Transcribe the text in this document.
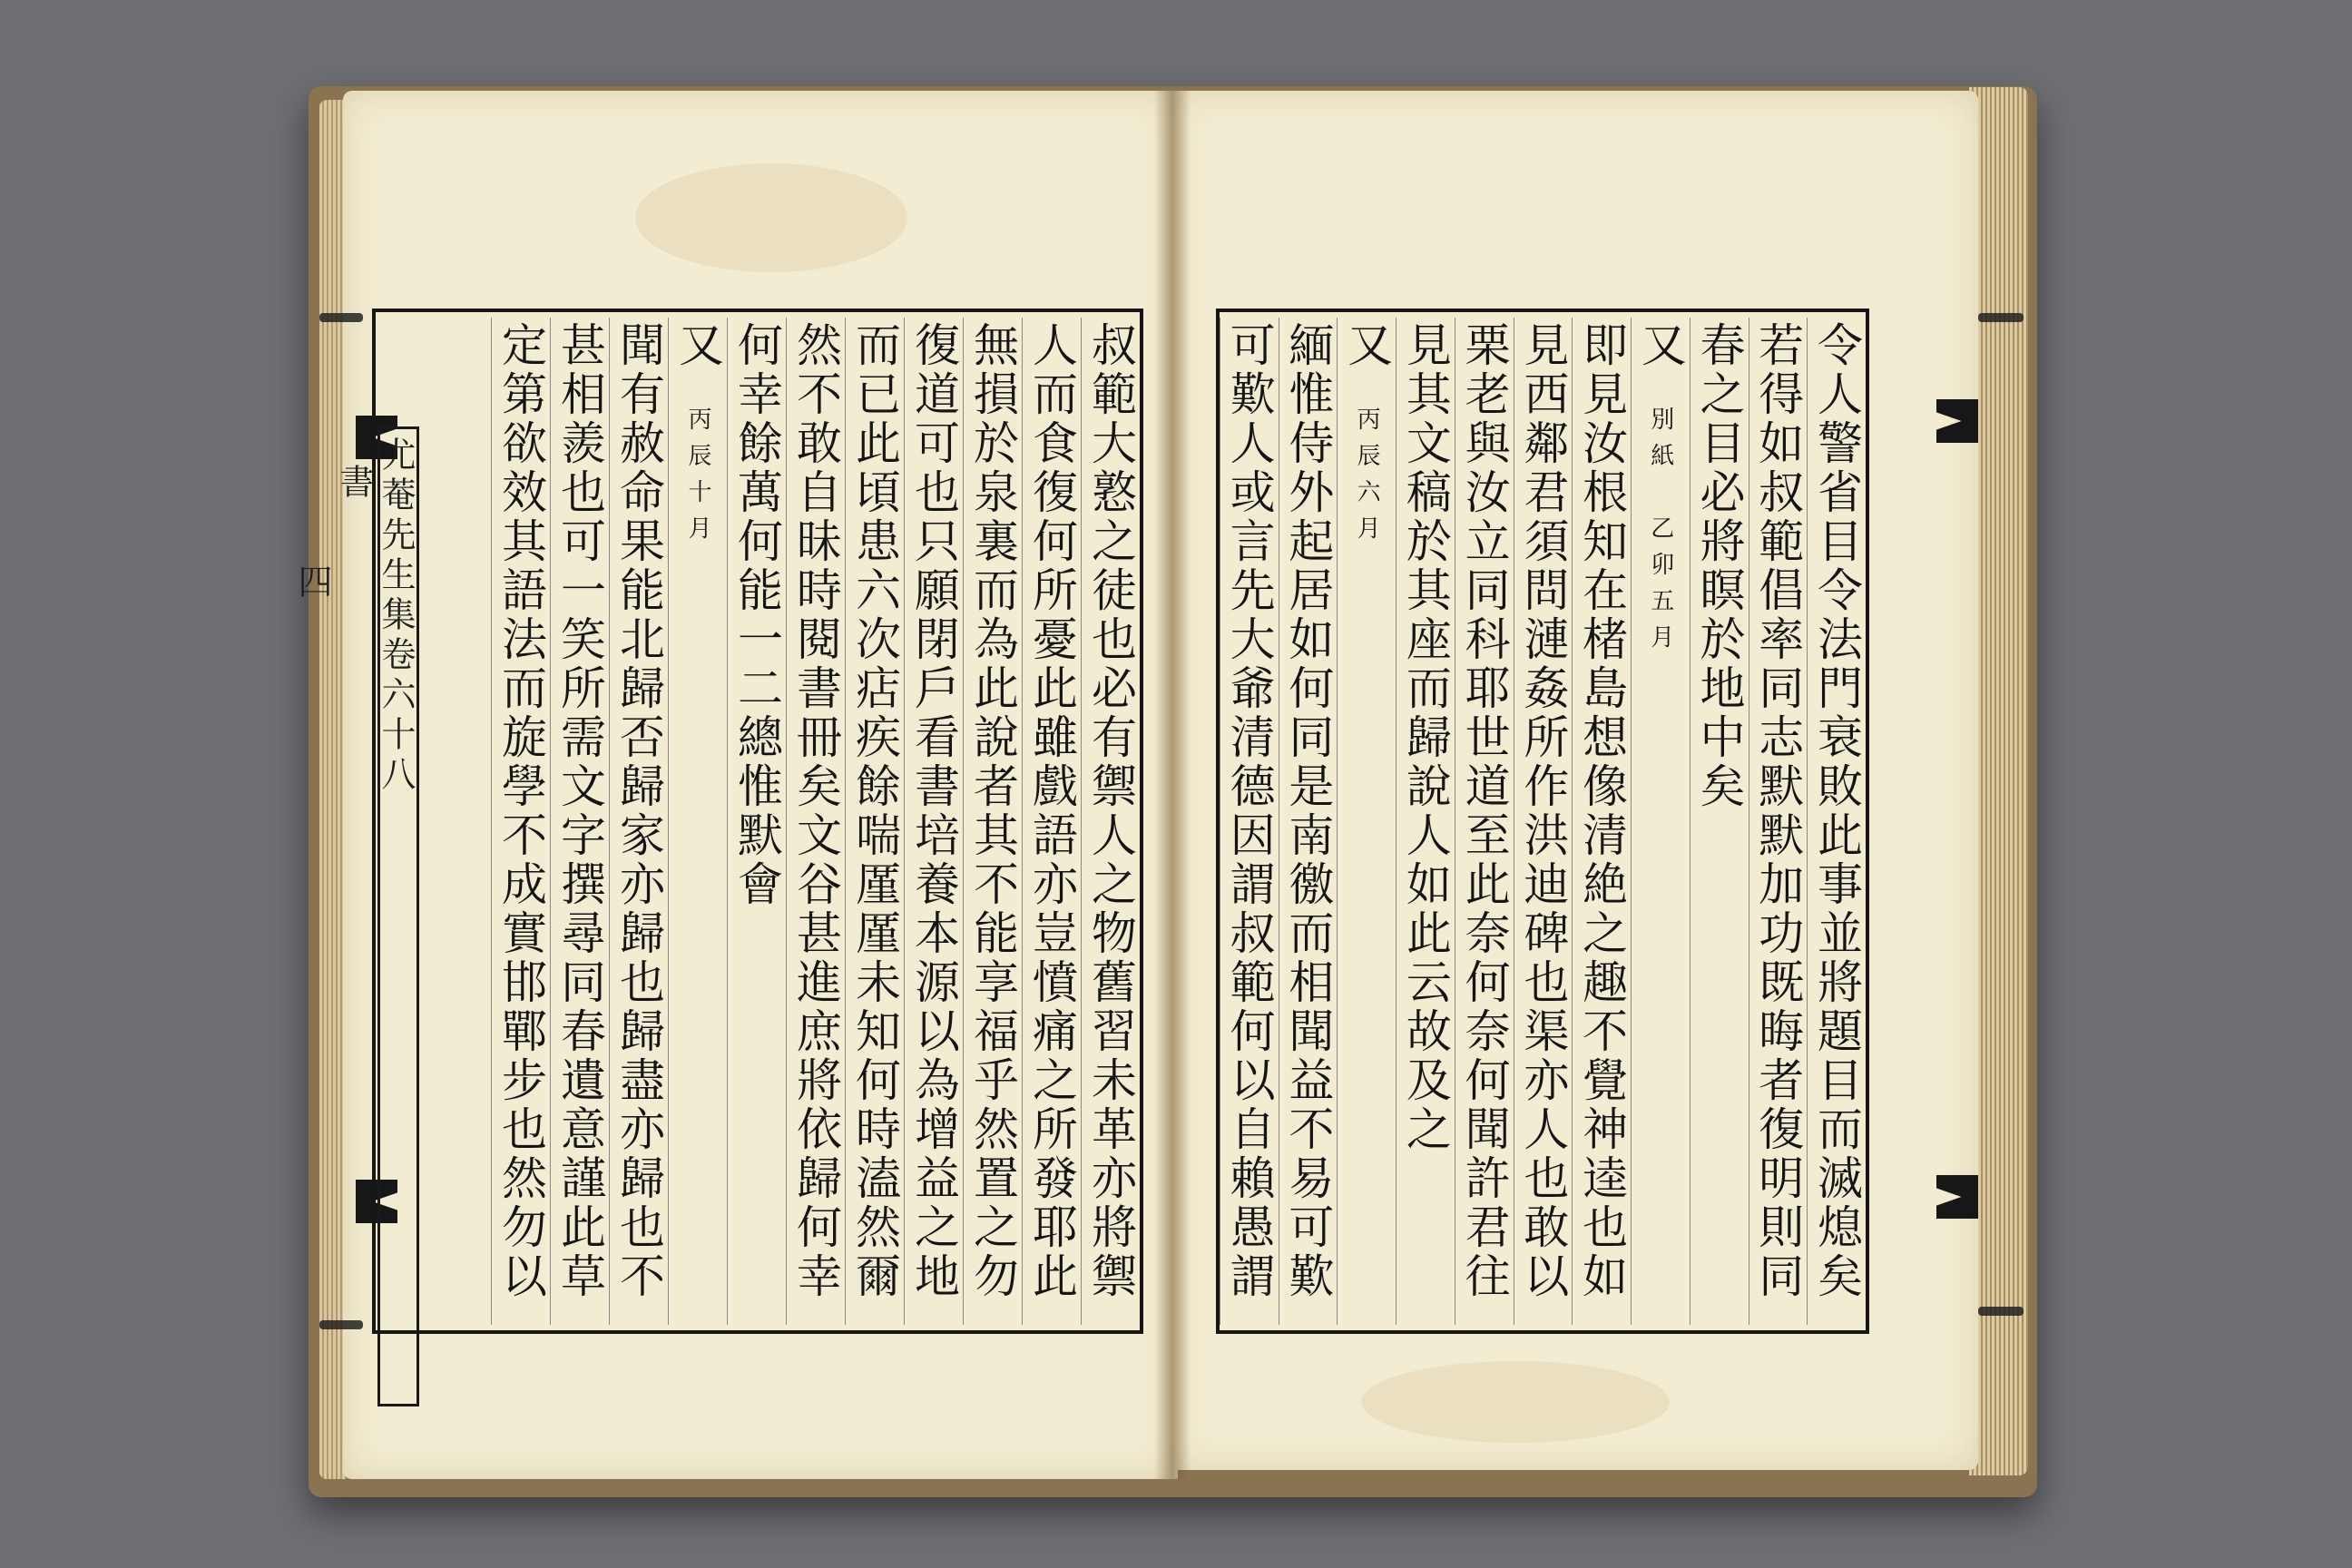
尤菴先生集卷六十八
書
四	叔範大憝之徒也必有禦人之物舊習未革亦將禦
人而食復何所憂此雖戲語亦豈憤痛之所發耶此
無損於泉裏而為此說者其不能享福乎然置之勿
復道可也只願閉戶看書培養本源以為增益之地
而已此頃患六次痁疾餘喘厪厪未知何時溘然爾
然不敢自昧時閱書冊矣文谷甚進庶將依歸何幸
何幸餘萬何能一二總惟默會
又丙辰十月
聞有赦命果能北歸否歸家亦歸也歸盡亦歸也不
甚相羨也可一笑所需文字撰尋同春遺意謹此草
定第欲效其語法而旋學不成實邯鄲步也然勿以	令人警省目令法門衰敗此事並將題目而滅熄矣
若得如叔範倡率同志默默加功既晦者復明則同
春之目必將瞑於地中矣
又別紙　乙卯五月
即見汝根知在楮島想像清絶之趣不覺神逵也如
見西鄰君須問漣姦所作洪迪碑也渠亦人也敢以
栗老與汝立同科耶世道至此奈何奈何聞許君往
見其文稿於其座而歸說人如此云故及之
又丙辰六月
緬惟侍外起居如何同是南徼而相聞益不易可歎
可歎人或言先大爺清德因謂叔範何以自賴愚謂
